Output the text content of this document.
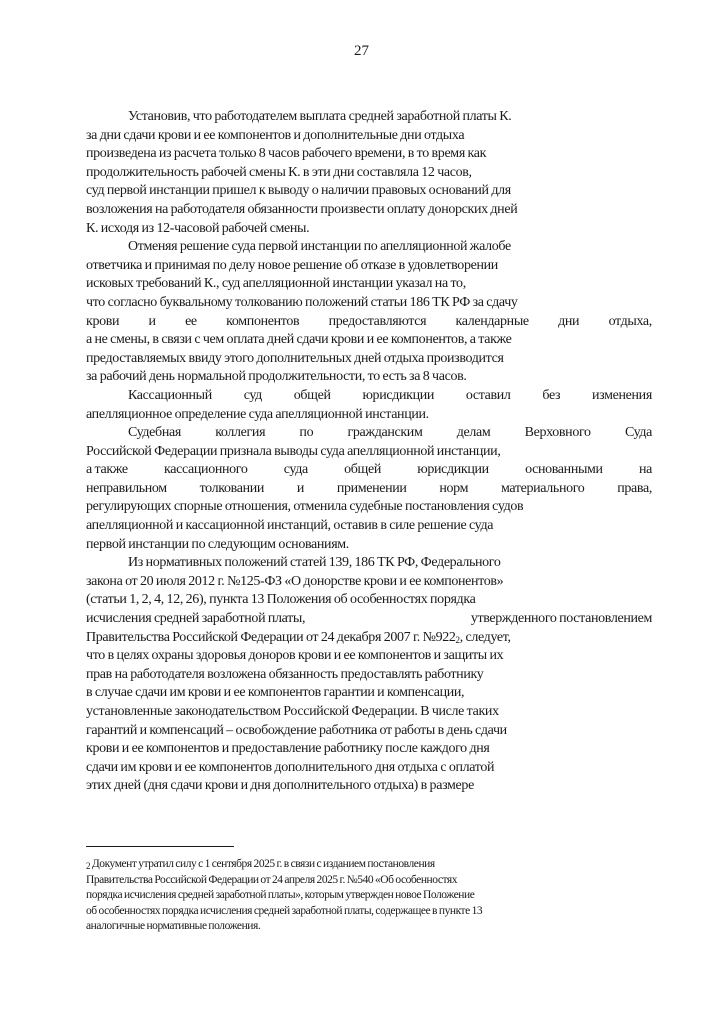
27
Установив, что работодателем выплата средней заработной платы К.
за дни сдачи крови и ее компонентов и дополнительные дни отдыха
произведена из расчета только 8 часов рабочего времени, в то время как
продолжительность рабочей смены К. в эти дни составляла 12 часов,
суд первой инстанции пришел к выводу о наличии правовых оснований для
возложения на работодателя обязанности произвести оплату донорских дней
К. исходя из 12-часовой рабочей смены.
Отменяя решение суда первой инстанции по апелляционной жалобе
ответчика и принимая по делу новое решение об отказе в удовлетворении
исковых требований К., суд апелляционной инстанции указал на то,
что согласно буквальному толкованию положений статьи 186 ТК РФ за сдачу
крови и ее компонентов предоставляются календарные дни отдыха,
а не смены, в связи с чем оплата дней сдачи крови и ее компонентов, а также
предоставляемых ввиду этого дополнительных дней отдыха производится
за рабочий день нормальной продолжительности, то есть за 8 часов.
Кассационный суд общей юрисдикции оставил без изменения
апелляционное определение суда апелляционной инстанции.
Судебная коллегия по гражданским делам Верховного Суда
Российской Федерации признала выводы суда апелляционной инстанции,
а также	кассационного	суда	общей	юрисдикции	основанными	на
неправильном толковании и применении норм материального права,
регулирующих спорные отношения, отменила судебные постановления судов
апелляционной и кассационной инстанций, оставив в силе решение суда
первой инстанции по следующим основаниям.
Из нормативных положений статей 139, 186 ТК РФ, Федерального
закона от 20 июля 2012 г. №125-ФЗ «О донорстве крови и ее компонентов»
(статьи 1, 2, 4, 12, 26), пункта 13 Положения об особенностях порядка
исчисления средней заработной платы,	утвержденного постановлением
Правительства Российской Федерации от 24 декабря 2007 г. №922$^2$, следует,
что в целях охраны здоровья доноров крови и ее компонентов и защиты их
прав на работодателя возложена обязанность предоставлять работнику
в случае сдачи им крови и ее компонентов гарантии и компенсации,
установленные законодательством Российской Федерации. В числе таких
гарантий и компенсаций – освобождение работника от работы в день сдачи
крови и ее компонентов и предоставление работнику после каждого дня
сдачи им крови и ее компонентов дополнительного дня отдыха с оплатой
этих дней (дня сдачи крови и дня дополнительного отдыха) в размере
$^2$ Документ утратил силу с 1 сентября 2025 г. в связи с изданием постановления
Правительства Российской Федерации от 24 апреля 2025 г. №540 «Об особенностях
порядка исчисления средней заработной платы», которым утвержден новое Положение
об особенностях порядка исчисления средней заработной платы, содержащее в пункте 13
аналогичные нормативные положения.
